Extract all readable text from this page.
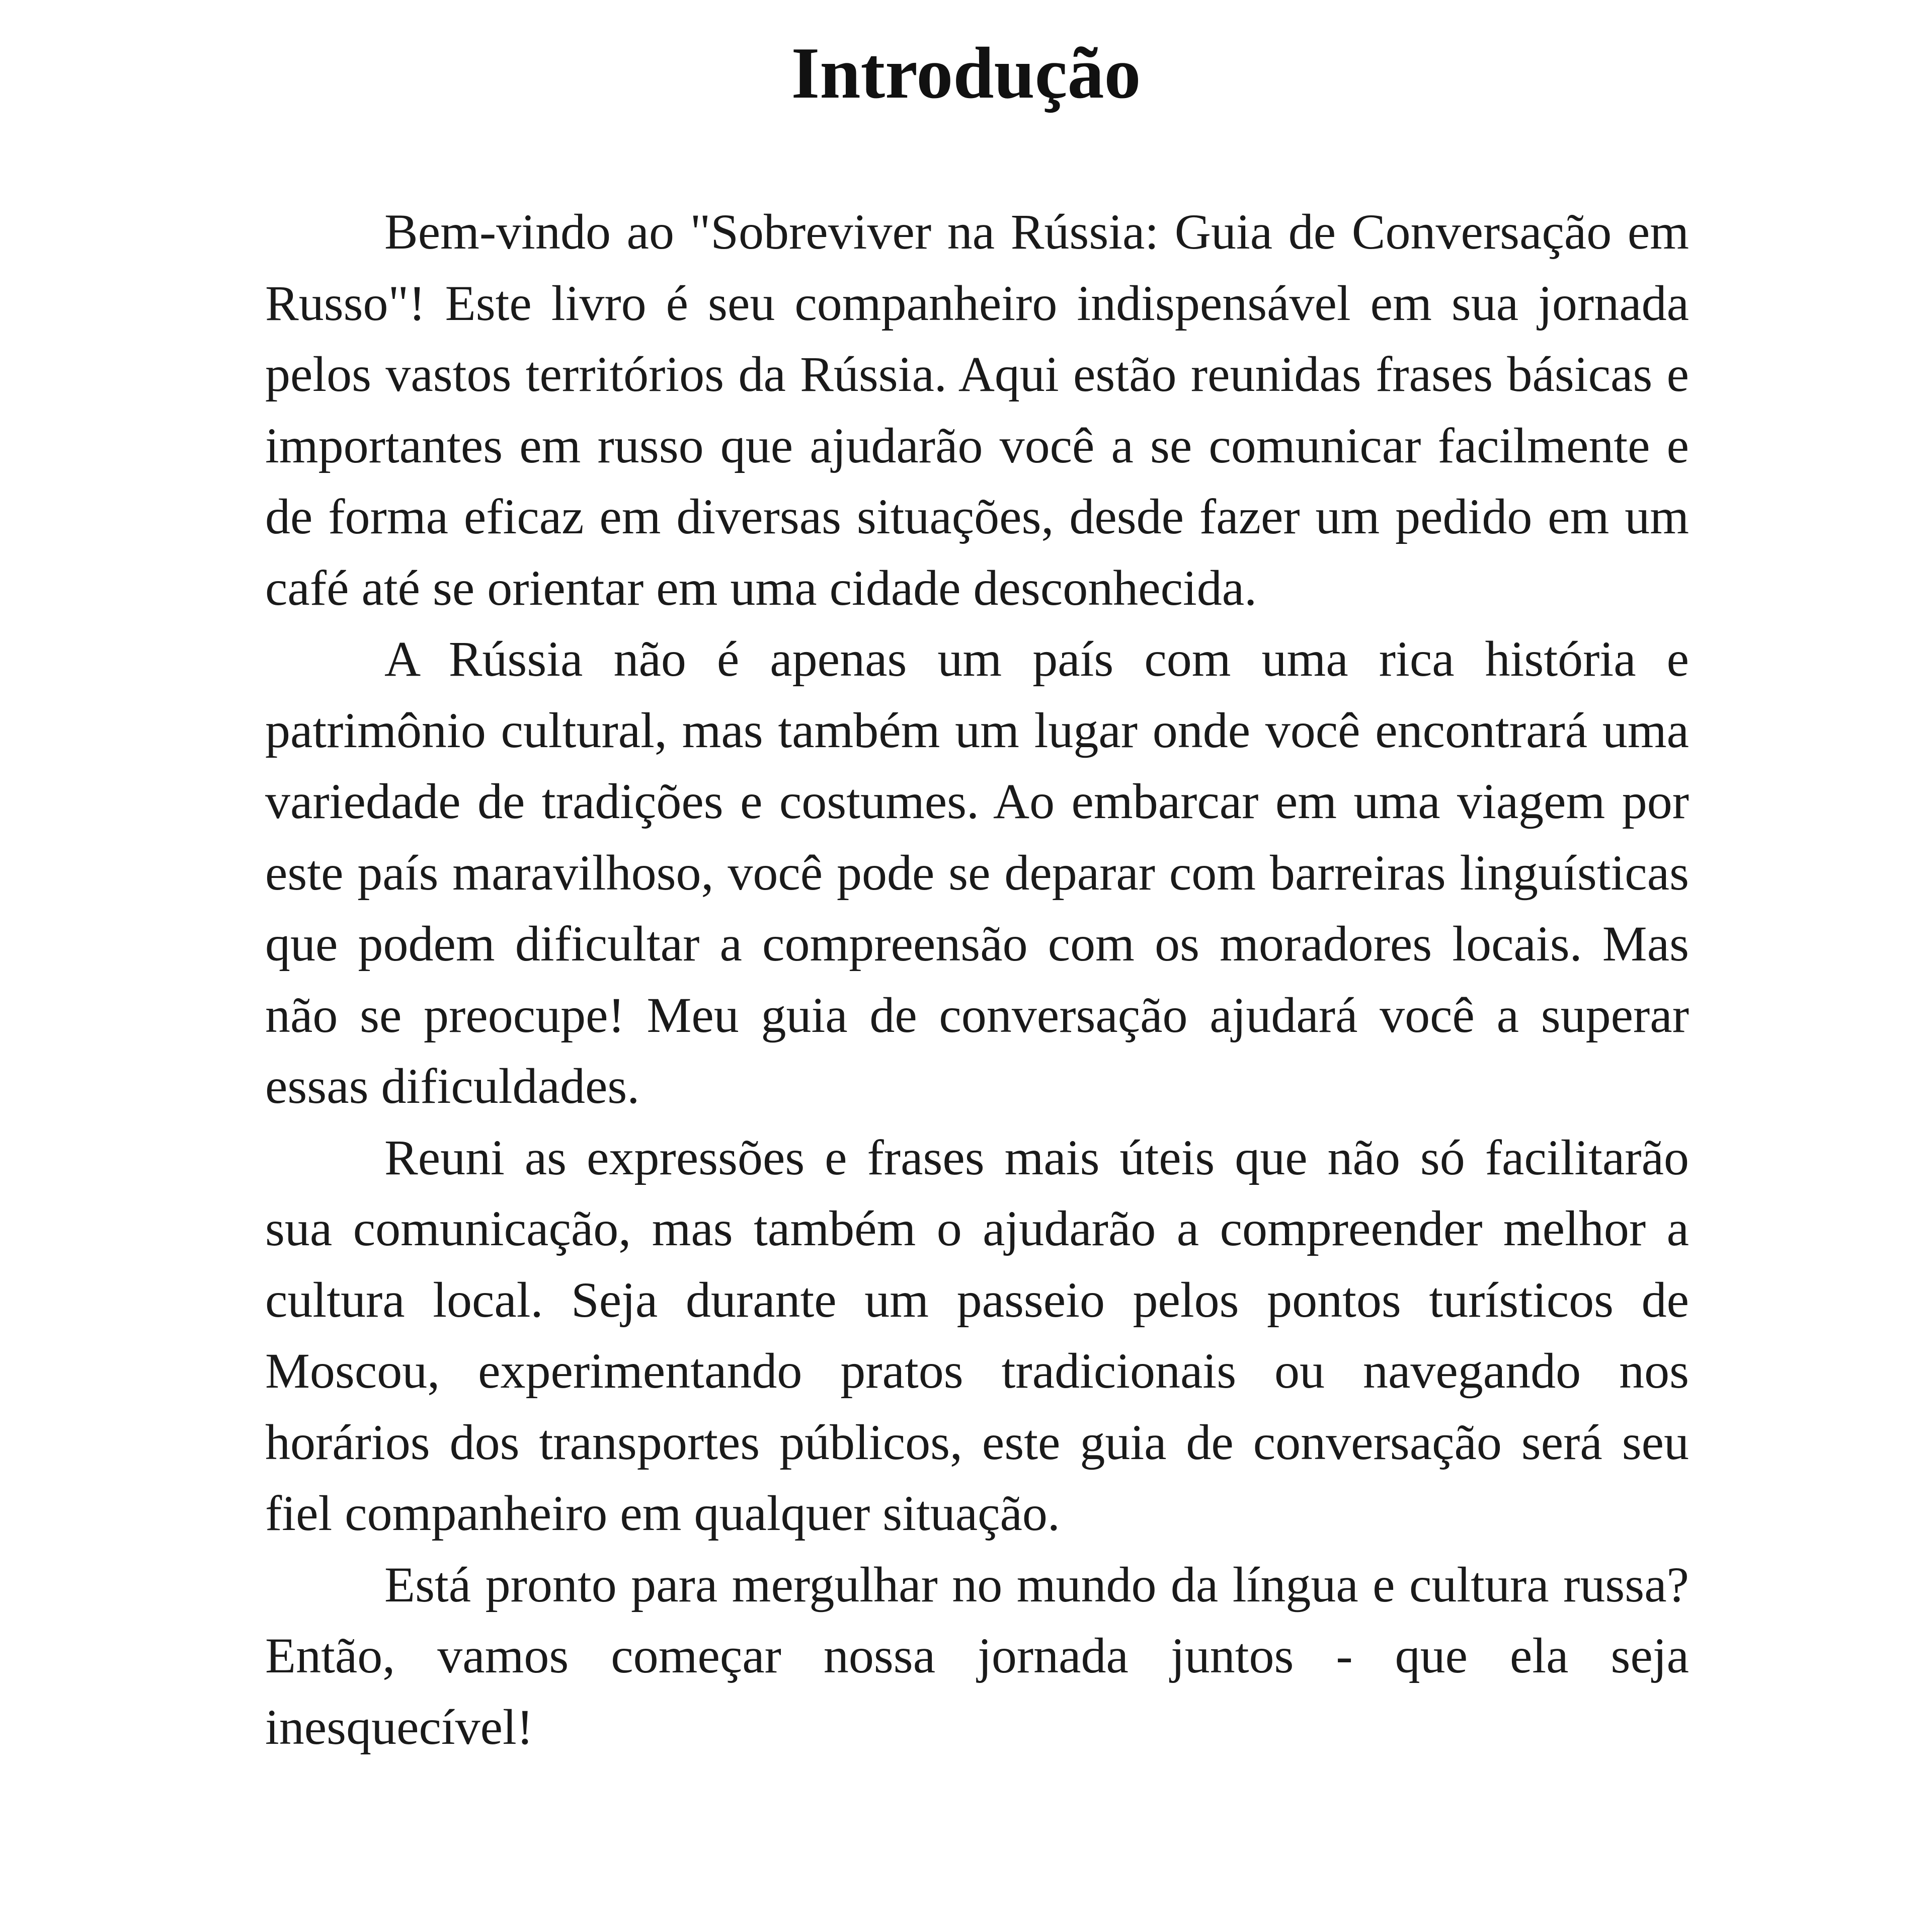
Introdução

Bem-vindo ao "Sobreviver na Rússia: Guia de Conversação em Russo"! Este livro é seu companheiro indispensável em sua jornada pelos vastos territórios da Rússia. Aqui estão reunidas frases básicas e importantes em russo que ajudarão você a se comunicar facilmente e de forma eficaz em diversas situações, desde fazer um pedido em um café até se orientar em uma cidade desconhecida.

A Rússia não é apenas um país com uma rica história e patrimônio cultural, mas também um lugar onde você encontrará uma variedade de tradições e costumes. Ao embarcar em uma viagem por este país maravilhoso, você pode se deparar com barreiras linguísticas que podem dificultar a compreensão com os moradores locais. Mas não se preocupe! Meu guia de conversação ajudará você a superar essas dificuldades.

Reuni as expressões e frases mais úteis que não só facilitarão sua comunicação, mas também o ajudarão a compreender melhor a cultura local. Seja durante um passeio pelos pontos turísticos de Moscou, experimentando pratos tradicionais ou navegando nos horários dos transportes públicos, este guia de conversação será seu fiel companheiro em qualquer situação.

Está pronto para mergulhar no mundo da língua e cultura russa? Então, vamos começar nossa jornada juntos - que ela seja inesquecível!
